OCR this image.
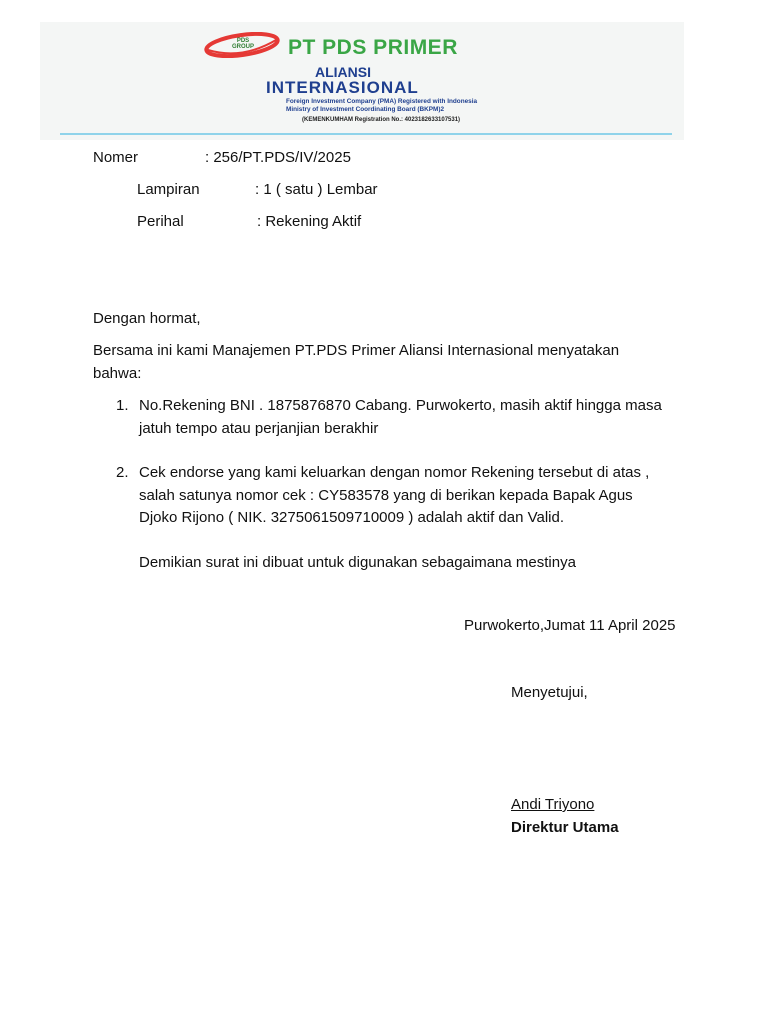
PDS GROUP PT PDS PRIMER
ALIANSI
INTERNASIONAL
Foreign Investment Company (PMA) Registered with Indonesia
Ministry of Investment Coordinating Board (BKPM)2
(KEMENKUMHAM Registration No.: 4023182633107531)
Nomer	: 256/PT.PDS/IV/2025
Lampiran	: 1 ( satu ) Lembar
Perihal	: Rekening Aktif
Dengan hormat,
Bersama ini kami Manajemen PT.PDS Primer Aliansi Internasional menyatakan
bahwa:
1. No.Rekening BNI . 1875876870 Cabang. Purwokerto, masih aktif hingga masa
jatuh tempo atau perjanjian berakhir
2. Cek endorse yang kami keluarkan dengan nomor Rekening tersebut di atas ,
salah satunya nomor cek : CY583578 yang di berikan kepada Bapak Agus
Djoko Rijono ( NIK. 3275061509710009 ) adalah aktif dan Valid.
Demikian surat ini dibuat untuk digunakan sebagaimana mestinya
Purwokerto,Jumat 11 April 2025
Menyetujui,
Andi Triyono
Direktur Utama
